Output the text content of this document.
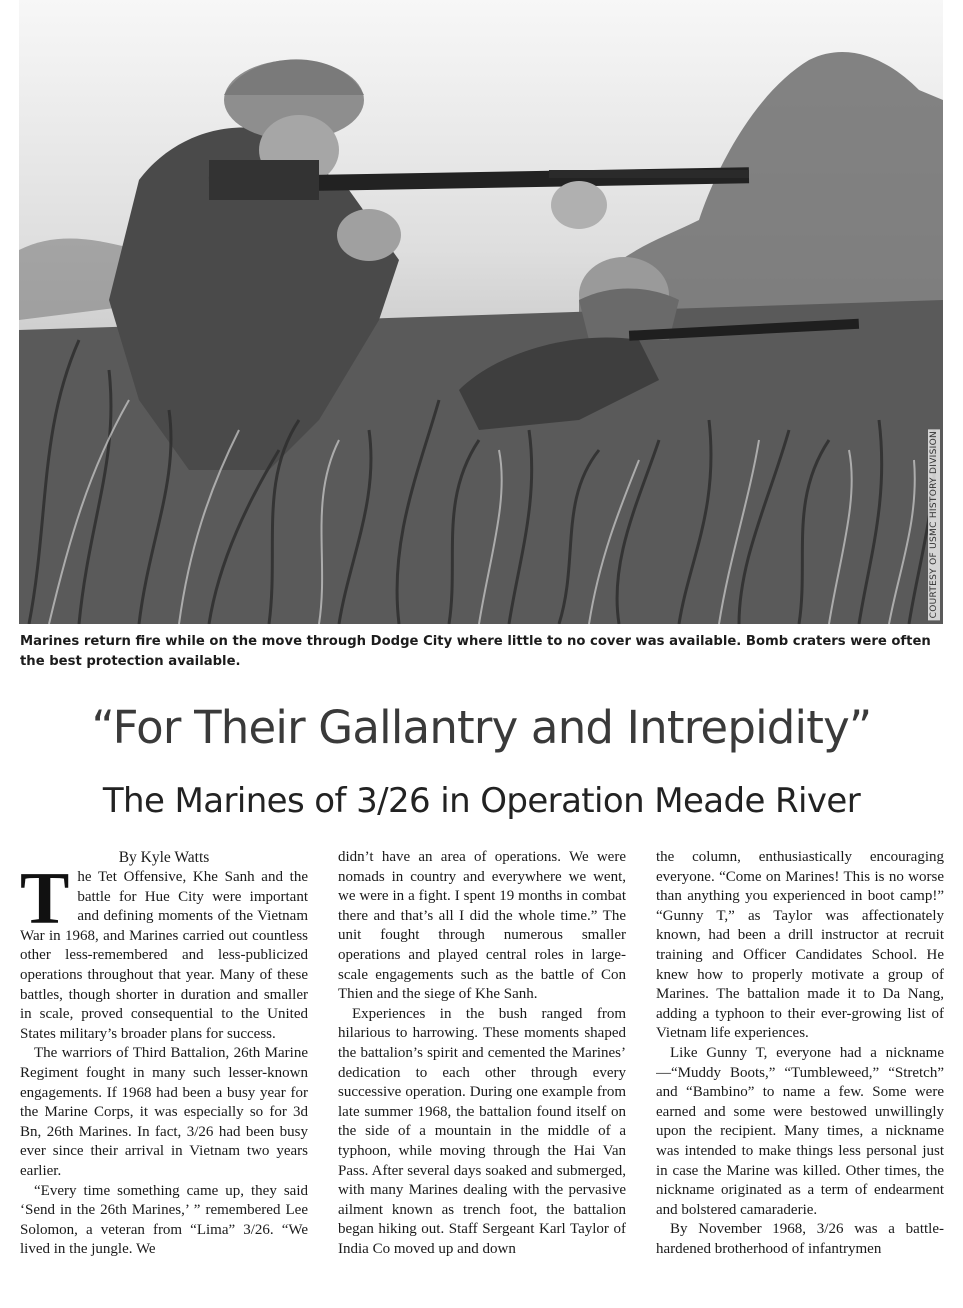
COURTESY OF USMC HISTORY DIVISION

Marines return fire while on the move through Dodge City where little to no cover was available. Bomb craters were often the best protection available.

“For Their Gallantry and Intrepidity”
The Marines of 3/26 in Operation Meade River

By Kyle Watts

The Tet Offensive, Khe Sanh and the battle for Hue City were important and defining moments of the Vietnam War in 1968, and Marines carried out countless other less-remembered and less-publicized operations throughout that year. Many of these battles, though shorter in duration and smaller in scale, proved consequential to the United States military’s broader plans for success.

The warriors of Third Battalion, 26th Marine Regiment fought in many such lesser-known engagements. If 1968 had been a busy year for the Marine Corps, it was especially so for 3d Bn, 26th Marines. In fact, 3/26 had been busy ever since their arrival in Vietnam two years earlier.

“Every time something came up, they said ‘Send in the 26th Marines,’ ” remembered Lee Solomon, a veteran from “Lima” 3/26. “We lived in the jungle. We

didn’t have an area of operations. We were nomads in country and everywhere we went, we were in a fight. I spent 19 months in combat there and that’s all I did the whole time.” The unit fought through numerous smaller operations and played central roles in large-scale engagements such as the battle of Con Thien and the siege of Khe Sanh.

Experiences in the bush ranged from hilarious to harrowing. These moments shaped the battalion’s spirit and cemented the Marines’ dedication to each other through every successive operation. During one example from late summer 1968, the battalion found itself on the side of a mountain in the middle of a typhoon, while moving through the Hai Van Pass. After several days soaked and submerged, with many Marines dealing with the pervasive ailment known as trench foot, the battalion began hiking out. Staff Sergeant Karl Taylor of India Co moved up and down

the column, enthusiastically encouraging everyone. “Come on Marines! This is no worse than anything you experienced in boot camp!” “Gunny T,” as Taylor was affectionately known, had been a drill instructor at recruit training and Officer Candidates School. He knew how to properly motivate a group of Marines. The battalion made it to Da Nang, adding a typhoon to their ever-growing list of Vietnam life experiences.

Like Gunny T, everyone had a nickname—“Muddy Boots,” “Tumbleweed,” “Stretch” and “Bambino” to name a few. Some were earned and some were bestowed unwillingly upon the recipient. Many times, a nickname was intended to make things less personal just in case the Marine was killed. Other times, the nickname originated as a term of endearment and bolstered camaraderie.

By November 1968, 3/26 was a battle-hardened brotherhood of infantrymen
